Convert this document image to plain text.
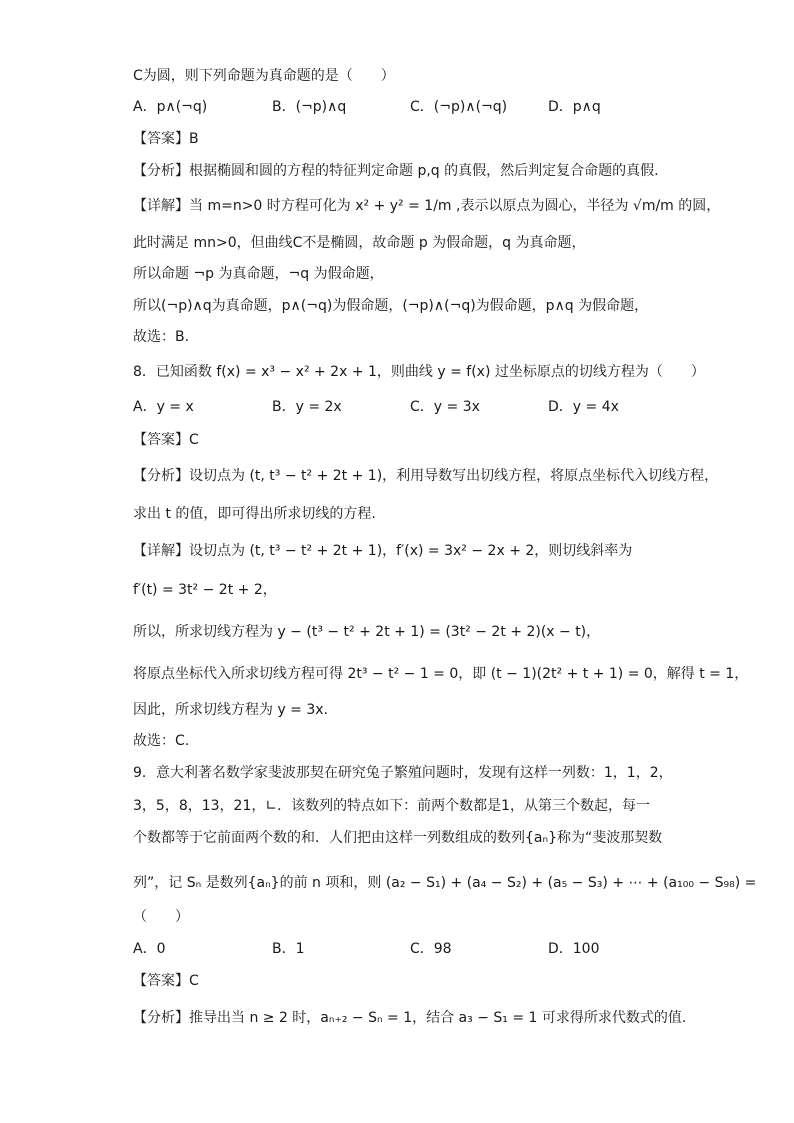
C为圆，则下列命题为真命题的是（　　）
A．p∧(¬q)	B．(¬p)∧q	C．(¬p)∧(¬q)	D．p∧q
【答案】B
【分析】根据椭圆和圆的方程的特征判定命题 p,q 的真假，然后判定复合命题的真假.
【详解】当 m=n>0 时方程可化为 x² + y² = 1/m ,表示以原点为圆心，半径为 √m/m 的圆，
此时满足 mn>0，但曲线C不是椭圆，故命题 p 为假命题，q 为真命题，
所以命题 ¬p 为真命题，¬q 为假命题，
所以(¬p)∧q为真命题，p∧(¬q)为假命题，(¬p)∧(¬q)为假命题，p∧q 为假命题，
故选：B.
8．已知函数 f(x) = x³ − x² + 2x + 1，则曲线 y = f(x) 过坐标原点的切线方程为（　　）
A．y = x	B．y = 2x	C．y = 3x	D．y = 4x
【答案】C
【分析】设切点为 (t, t³ − t² + 2t + 1)，利用导数写出切线方程，将原点坐标代入切线方程，
求出 t 的值，即可得出所求切线的方程.
【详解】设切点为 (t, t³ − t² + 2t + 1)，f′(x) = 3x² − 2x + 2，则切线斜率为
f′(t) = 3t² − 2t + 2，
所以，所求切线方程为 y − (t³ − t² + 2t + 1) = (3t² − 2t + 2)(x − t)，
将原点坐标代入所求切线方程可得 2t³ − t² − 1 = 0，即 (t − 1)(2t² + t + 1) = 0，解得 t = 1，
因此，所求切线方程为 y = 3x.
故选：C.
9．意大利著名数学家斐波那契在研究兔子繁殖问题时，发现有这样一列数：1，1，2，
3，5，8，13，21，∟．该数列的特点如下：前两个数都是1，从第三个数起，每一
个数都等于它前面两个数的和．人们把由这样一列数组成的数列{aₙ}称为“斐波那契数
列”，记 Sₙ 是数列{aₙ}的前 n 项和，则 (a₂ − S₁) + (a₄ − S₂) + (a₅ − S₃) + ⋯ + (a₁₀₀ − S₉₈) =
（　　）
A．0	B．1	C．98	D．100
【答案】C
【分析】推导出当 n ≥ 2 时，aₙ₊₂ − Sₙ = 1，结合 a₃ − S₁ = 1 可求得所求代数式的值.
